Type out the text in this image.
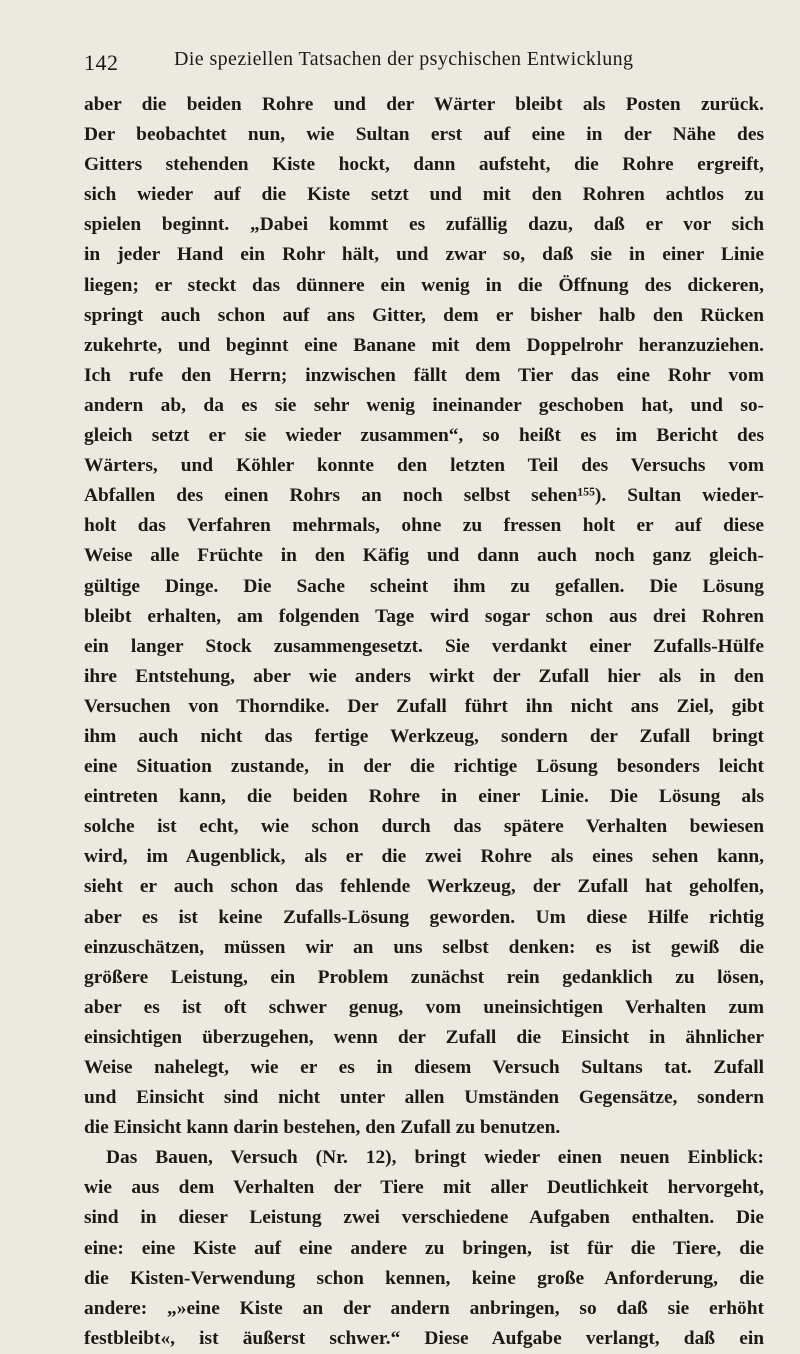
142	Die speziellen Tatsachen der psychischen Entwicklung
aber die beiden Rohre und der Wärter bleibt als Posten zurück.
Der beobachtet nun, wie Sultan erst auf eine in der Nähe des
Gitters stehenden Kiste hockt, dann aufsteht, die Rohre ergreift,
sich wieder auf die Kiste setzt und mit den Rohren achtlos zu
spielen beginnt. „Dabei kommt es zufällig dazu, daß er vor sich
in jeder Hand ein Rohr hält, und zwar so, daß sie in einer Linie
liegen; er steckt das dünnere ein wenig in die Öffnung des dickeren,
springt auch schon auf ans Gitter, dem er bisher halb den Rücken
zukehrte, und beginnt eine Banane mit dem Doppelrohr heranzuziehen.
Ich rufe den Herrn; inzwischen fällt dem Tier das eine Rohr vom
andern ab, da es sie sehr wenig ineinander geschoben hat, und so-
gleich setzt er sie wieder zusammen“, so heißt es im Bericht des
Wärters, und Köhler konnte den letzten Teil des Versuchs vom
Abfallen des einen Rohrs an noch selbst sehen¹⁵⁵). Sultan wieder-
holt das Verfahren mehrmals, ohne zu fressen holt er auf diese
Weise alle Früchte in den Käfig und dann auch noch ganz gleich-
gültige Dinge. Die Sache scheint ihm zu gefallen. Die Lösung
bleibt erhalten, am folgenden Tage wird sogar schon aus drei Rohren
ein langer Stock zusammengesetzt. Sie verdankt einer Zufalls-Hülfe
ihre Entstehung, aber wie anders wirkt der Zufall hier als in den
Versuchen von Thorndike. Der Zufall führt ihn nicht ans Ziel, gibt
ihm auch nicht das fertige Werkzeug, sondern der Zufall bringt
eine Situation zustande, in der die richtige Lösung besonders leicht
eintreten kann, die beiden Rohre in einer Linie. Die Lösung als
solche ist echt, wie schon durch das spätere Verhalten bewiesen
wird, im Augenblick, als er die zwei Rohre als eines sehen kann,
sieht er auch schon das fehlende Werkzeug, der Zufall hat geholfen,
aber es ist keine Zufalls-Lösung geworden. Um diese Hilfe richtig
einzuschätzen, müssen wir an uns selbst denken: es ist gewiß die
größere Leistung, ein Problem zunächst rein gedanklich zu lösen,
aber es ist oft schwer genug, vom uneinsichtigen Verhalten zum
einsichtigen überzugehen, wenn der Zufall die Einsicht in ähnlicher
Weise nahelegt, wie er es in diesem Versuch Sultans tat. Zufall
und Einsicht sind nicht unter allen Umständen Gegensätze, sondern
die Einsicht kann darin bestehen, den Zufall zu benutzen.
Das Bauen, Versuch (Nr. 12), bringt wieder einen neuen Einblick:
wie aus dem Verhalten der Tiere mit aller Deutlichkeit hervorgeht,
sind in dieser Leistung zwei verschiedene Aufgaben enthalten. Die
eine: eine Kiste auf eine andere zu bringen, ist für die Tiere, die
die Kisten-Verwendung schon kennen, keine große Anforderung, die
andere: „»eine Kiste an der andern anbringen, so daß sie erhöht
festbleibt«, ist äußerst schwer.“ Diese Aufgabe verlangt, daß ein
